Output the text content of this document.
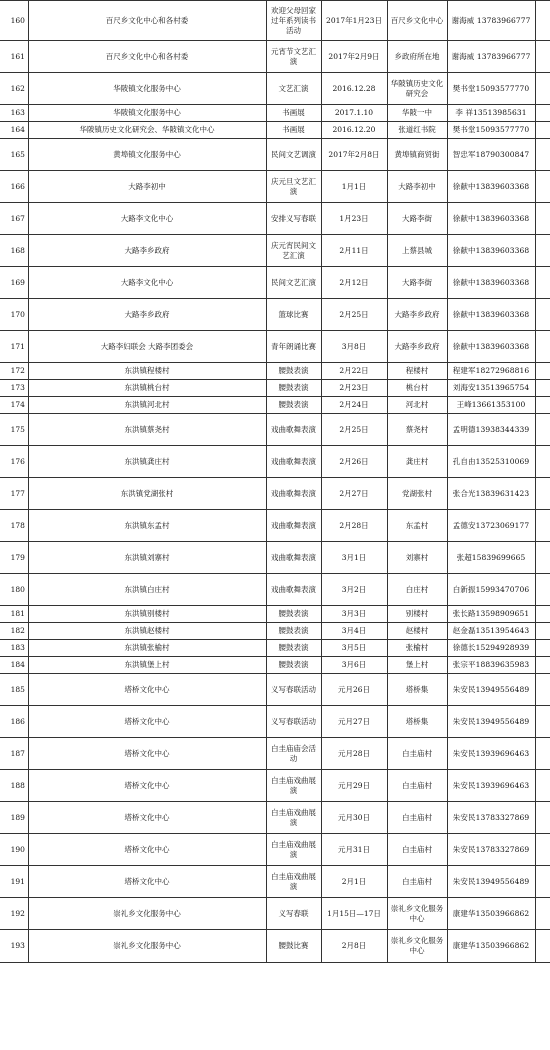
	160	百尺乡文化中心和各村委	欢迎父母回家过年系列读书活动	2017年1月23日	百尺乡文化中心	谢海威 13783966777	
	161	百尺乡文化中心和各村委	元宵节文艺汇演	2017年2月9日	乡政府所在地	谢海威 13783966777	
	162	华陂镇文化服务中心	文艺汇演	2016.12.28	华陂镇历史文化研究会	樊书堂15093577770	
	163	华陂镇文化服务中心	书画展	2017.1.10	华陂一中	李 祥13513985631	
	164	华陂镇历史文化研究会、华陂镇文化中心	书画展	2016.12.20	张道红书院	樊书堂15093577770	
	165	黄埠镇文化服务中心	民间文艺调演	2017年2月8日	黄埠镇商贸街	智忠军18790300847	
	166	大路李初中	庆元旦文艺汇演	1月1日	大路李初中	徐献中13839603368	
	167	大路李文化中心	安排义写春联	1月23日	大路李街	徐献中13839603368	
	168	大路李乡政府	庆元宵民间文艺汇演	2月11日	上蔡县城	徐献中13839603368	
	169	大路李文化中心	民间文艺汇演	2月12日	大路李街	徐献中13839603368	
	170	大路李乡政府	篮球比赛	2月25日	大路李乡政府	徐献中13839603368	
	171	大路李妇联会 大路李团委会	青年朗诵比赛	3月8日	大路李乡政府	徐献中13839603368	
	172	东洪镇程楼村	腰鼓表演	2月22日	程楼村	程建军18272968816	
	173	东洪镇桃台村	腰鼓表演	2月23日	桃台村	刘海安13513965754	
	174	东洪镇河北村	腰鼓表演	2月24日	河北村	王峰13661353100	
	175	东洪镇蔡尧村	戏曲歌舞表演	2月25日	蔡尧村	孟明德13938344339	
	176	东洪镇龚庄村	戏曲歌舞表演	2月26日	龚庄村	孔自由13525310069	
	177	东洪镇党湖张村	戏曲歌舞表演	2月27日	党湖张村	张合光13839631423	
	178	东洪镇东孟村	戏曲歌舞表演	2月28日	东孟村	孟德安13723069177	
	179	东洪镇刘寨村	戏曲歌舞表演	3月1日	刘寨村	张超15839699665	
	180	东洪镇白庄村	戏曲歌舞表演	3月2日	白庄村	白新振15993470706	
	181	东洪镇别楼村	腰鼓表演	3月3日	别楼村	张长路13598909651	
	182	东洪镇赵楼村	腰鼓表演	3月4日	赵楼村	赵金磊13513954643	
	183	东洪镇张榆村	腰鼓表演	3月5日	张榆村	徐德长15294928939	
	184	东洪镇堡上村	腰鼓表演	3月6日	堡上村	张宗平18839635983	
	185	塔桥文化中心	义写春联活动	元月26日	塔桥集	朱安民13949556489	
	186	塔桥文化中心	义写春联活动	元月27日	塔桥集	朱安民13949556489	
	187	塔桥文化中心	白圭庙庙会活动	元月28日	白圭庙村	朱安民13939696463	
	188	塔桥文化中心	白圭庙戏曲展演	元月29日	白圭庙村	朱安民13939696463	
	189	塔桥文化中心	白圭庙戏曲展演	元月30日	白圭庙村	朱安民13783327869	
	190	塔桥文化中心	白圭庙戏曲展演	元月31日	白圭庙村	朱安民13783327869	
	191	塔桥文化中心	白圭庙戏曲展演	2月1日	白圭庙村	朱安民13949556489	
	192	崇礼乡文化服务中心	义写春联	1月15日—17日	崇礼乡文化服务中心	康建华13503966862	
	193	崇礼乡文化服务中心	腰鼓比赛	2月8日	崇礼乡文化服务中心	康建华13503966862	
